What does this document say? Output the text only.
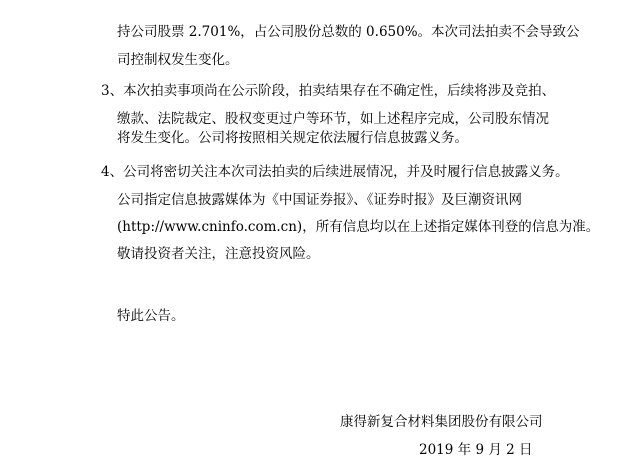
持公司股票 2.701%，占公司股份总数的 0.650%。本次司法拍卖不会导致公
司控制权发生变化。
3、本次拍卖事项尚在公示阶段，拍卖结果存在不确定性，后续将涉及竞拍、
缴款、法院裁定、股权变更过户等环节，如上述程序完成，公司股东情况
将发生变化。公司将按照相关规定依法履行信息披露义务。
4、公司将密切关注本次司法拍卖的后续进展情况，并及时履行信息披露义务。
公司指定信息披露媒体为《中国证券报》、《证券时报》及巨潮资讯网
(http://www.cninfo.com.cn)，所有信息均以在上述指定媒体刊登的信息为准。
敬请投资者关注，注意投资风险。
特此公告。
康得新复合材料集团股份有限公司
2019 年 9 月 2 日
